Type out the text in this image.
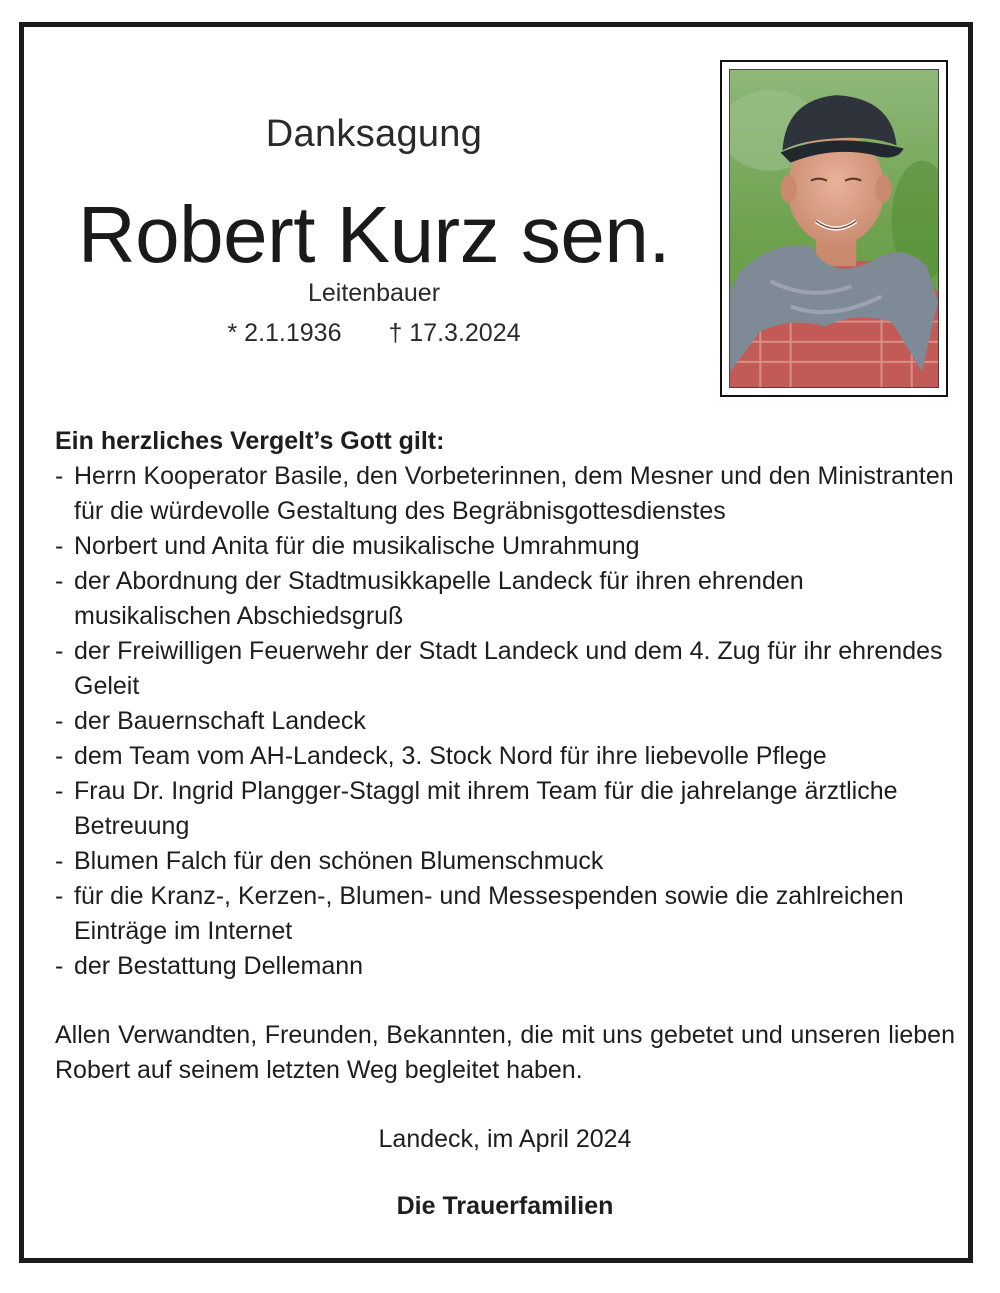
Danksagung
Robert Kurz sen.
Leitenbauer
* 2.1.1936 † 17.3.2024

Ein herzliches Vergelt’s Gott gilt:

- Herrn Kooperator Basile, den Vorbeterinnen, dem Mesner und den Ministranten für die würdevolle Gestaltung des Begräbnisgottesdienstes
- Norbert und Anita für die musikalische Umrahmung
- der Abordnung der Stadtmusikkapelle Landeck für ihren ehrenden musikalischen Abschiedsgruß
- der Freiwilligen Feuerwehr der Stadt Landeck und dem 4. Zug für ihr ehrendes Geleit
- der Bauernschaft Landeck
- dem Team vom AH-Landeck, 3. Stock Nord für ihre liebevolle Pflege
- Frau Dr. Ingrid Plangger-Staggl mit ihrem Team für die jahrelange ärztliche Betreuung
- Blumen Falch für den schönen Blumenschmuck
- für die Kranz-, Kerzen-, Blumen- und Messespenden sowie die zahlreichen Einträge im Internet
- der Bestattung Dellemann

Allen Verwandten, Freunden, Bekannten, die mit uns gebetet und unseren lieben Robert auf seinem letzten Weg begleitet haben.

Landeck, im April 2024

Die Trauerfamilien
